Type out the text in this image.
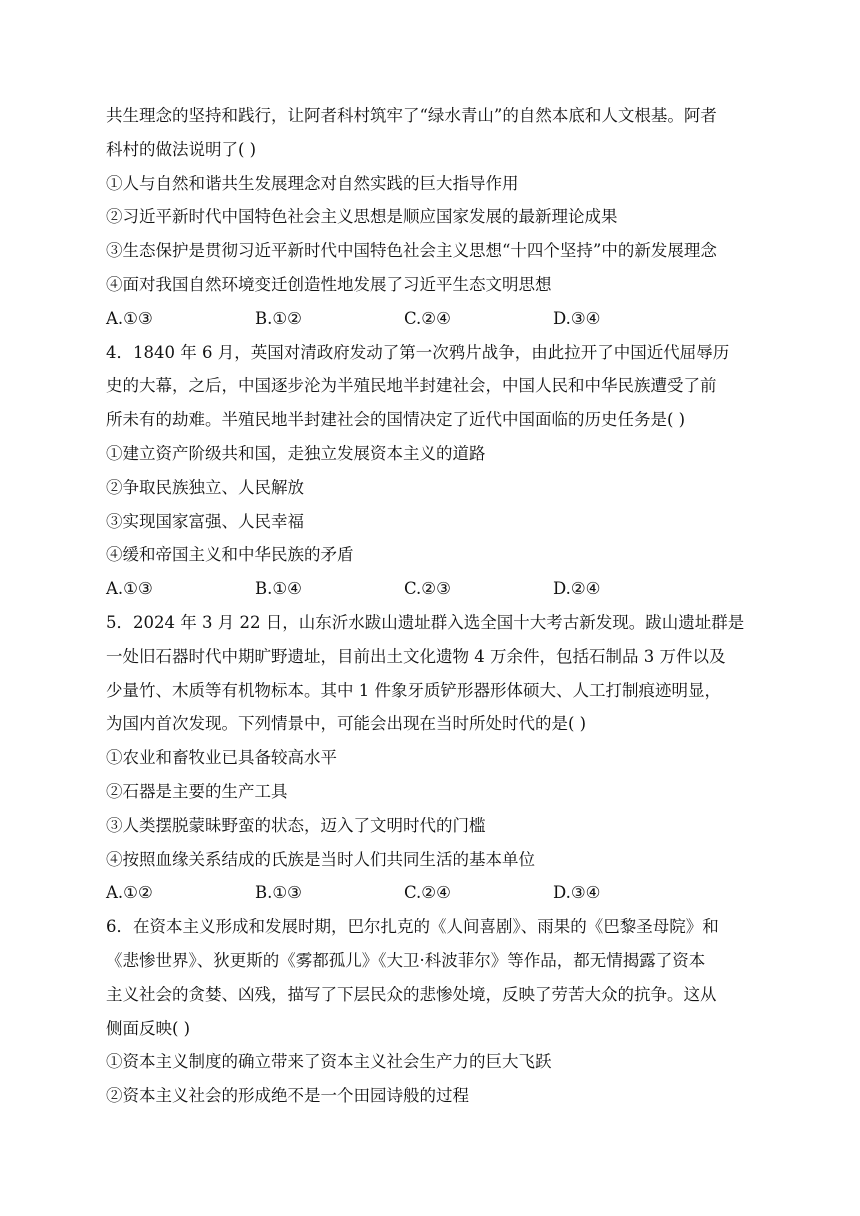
共生理念的坚持和践行，让阿者科村筑牢了“绿水青山”的自然本底和人文根基。阿者
科村的做法说明了( )
①人与自然和谐共生发展理念对自然实践的巨大指导作用
②习近平新时代中国特色社会主义思想是顺应国家发展的最新理论成果
③生态保护是贯彻习近平新时代中国特色社会主义思想“十四个坚持”中的新发展理念
④面对我国自然环境变迁创造性地发展了习近平生态文明思想
A.①③	B.①②	C.②④	D.③④
4．1840 年 6 月，英国对清政府发动了第一次鸦片战争，由此拉开了中国近代屈辱历
史的大幕，之后，中国逐步沦为半殖民地半封建社会，中国人民和中华民族遭受了前
所未有的劫难。半殖民地半封建社会的国情决定了近代中国面临的历史任务是( )
①建立资产阶级共和国，走独立发展资本主义的道路
②争取民族独立、人民解放
③实现国家富强、人民幸福
④缓和帝国主义和中华民族的矛盾
A.①③	B.①④	C.②③	D.②④
5．2024 年 3 月 22 日，山东沂水跋山遗址群入选全国十大考古新发现。跋山遗址群是
一处旧石器时代中期旷野遗址，目前出土文化遗物 4 万余件，包括石制品 3 万件以及
少量竹、木质等有机物标本。其中 1 件象牙质铲形器形体硕大、人工打制痕迹明显，
为国内首次发现。下列情景中，可能会出现在当时所处时代的是( )
①农业和畜牧业已具备较高水平
②石器是主要的生产工具
③人类摆脱蒙昧野蛮的状态，迈入了文明时代的门槛
④按照血缘关系结成的氏族是当时人们共同生活的基本单位
A.①②	B.①③	C.②④	D.③④
6．在资本主义形成和发展时期，巴尔扎克的《人间喜剧》、雨果的《巴黎圣母院》和
《悲惨世界》、狄更斯的《雾都孤儿》《大卫·科波菲尔》等作品，都无情揭露了资本
主义社会的贪婪、凶残，描写了下层民众的悲惨处境，反映了劳苦大众的抗争。这从
侧面反映( )
①资本主义制度的确立带来了资本主义社会生产力的巨大飞跃
②资本主义社会的形成绝不是一个田园诗般的过程
